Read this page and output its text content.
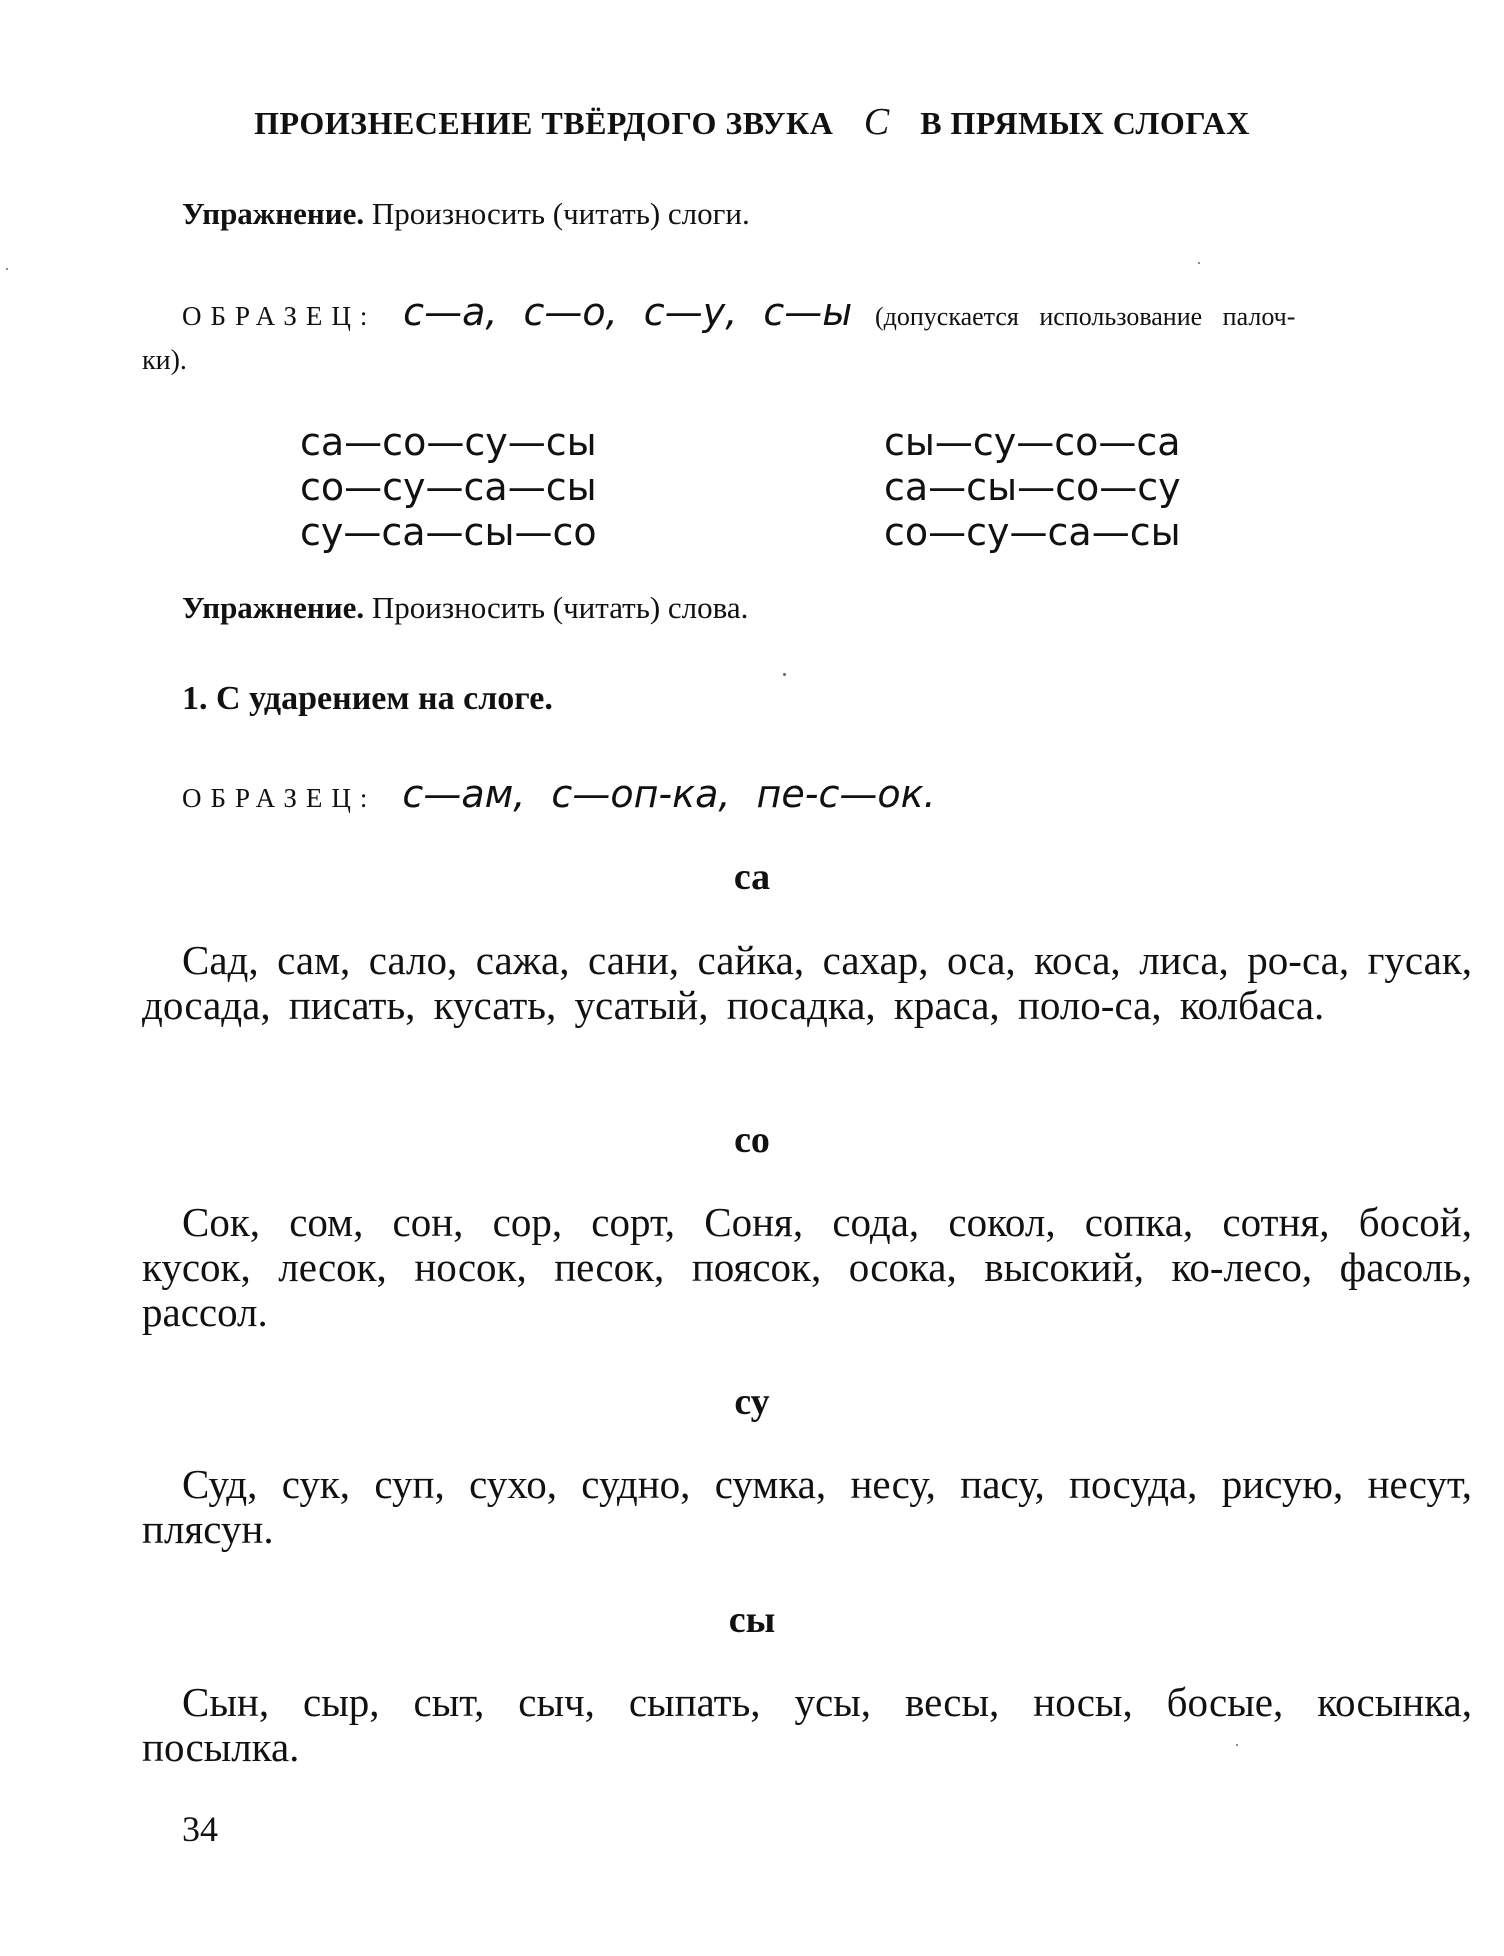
ПРОИЗНЕСЕНИЕ ТВЁРДОГО ЗВУКА С В ПРЯМЫХ СЛОГАХ
Упражнение. Произносить (читать) слоги.
ОБРАЗЕЦ: с—а, с—о, с—у, с—ы (допускается использование палоч-
ки).
са—со—су—сы
со—су—са—сы
су—са—сы—со
сы—су—со—са
са—сы—со—су
со—су—са—сы
Упражнение. Произносить (читать) слова.
1. С ударением на слоге.
ОБРАЗЕЦ: с—ам, с—оп-ка, пе-с—ок.
са
Сад, сам, сало, сажа, сани, сайка, сахар, оса, коса, лиса, ро-са, гусак, досада, писать, кусать, усатый, посадка, краса, поло-са, колбаса.
со
Сок, сом, сон, сор, сорт, Соня, сода, сокол, сопка, сотня, босой, кусок, лесок, носок, песок, поясок, осока, высокий, ко-лесо, фасоль, рассол.
су
Суд, сук, суп, сухо, судно, сумка, несу, пасу, посуда, рисую, несут, плясун.
сы
Сын, сыр, сыт, сыч, сыпать, усы, весы, носы, босые, косынка, посылка.
34
